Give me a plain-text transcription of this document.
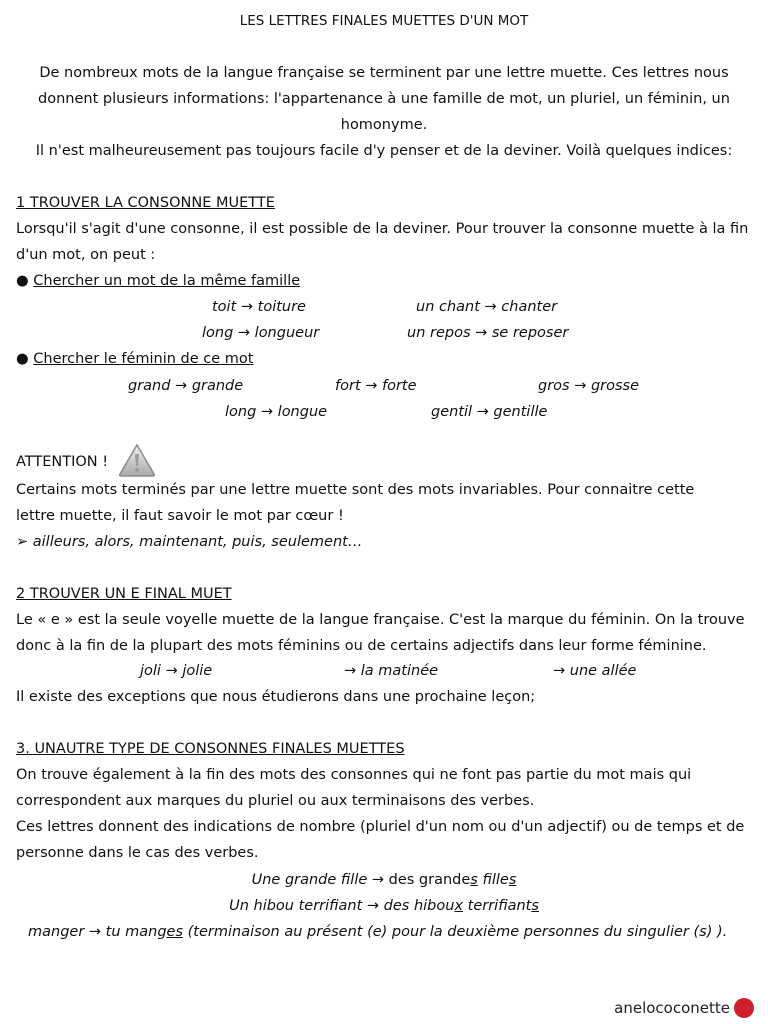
LES LETTRES FINALES MUETTES D'UN MOT
De nombreux mots de la langue française se terminent par une lettre muette. Ces lettres nous
donnent plusieurs informations: l'appartenance à une famille de mot, un pluriel, un féminin, un
homonyme.
Il n'est malheureusement pas toujours facile d'y penser et de la deviner. Voilà quelques indices:
1 TROUVER LA CONSONNE MUETTE
Lorsqu'il s'agit d'une consonne, il est possible de la deviner. Pour trouver la consonne muette à la fin
d'un mot, on peut :
● Chercher un mot de la même famille
toit → toiture	un chant → chanter
long → longueur	un repos → se reposer
● Chercher le féminin de ce mot
grand → grande	fort → forte	gros → grosse
long → longue	gentil → gentille
ATTENTION !
Certains mots terminés par une lettre muette sont des mots invariables. Pour connaitre cette
lettre muette, il faut savoir le mot par cœur !
➢ ailleurs, alors, maintenant, puis, seulement…
2 TROUVER UN E FINAL MUET
Le « e » est la seule voyelle muette de la langue française. C'est la marque du féminin. On la trouve
donc à la fin de la plupart des mots féminins ou de certains adjectifs dans leur forme féminine.
joli → jolie	→ la matinée	→ une allée
Il existe des exceptions que nous étudierons dans une prochaine leçon;
3. UNAUTRE TYPE DE CONSONNES FINALES MUETTES
On trouve également à la fin des mots des consonnes qui ne font pas partie du mot mais qui
correspondent aux marques du pluriel ou aux terminaisons des verbes.
Ces lettres donnent des indications de nombre (pluriel d'un nom ou d'un adjectif) ou de temps et de
personne dans le cas des verbes.
Une grande fille → des grandes filles
Un hibou terrifiant → des hiboux terrifiants
manger → tu manges (terminaison au présent (e) pour la deuxième personnes du singulier (s) ).
anelococonette
